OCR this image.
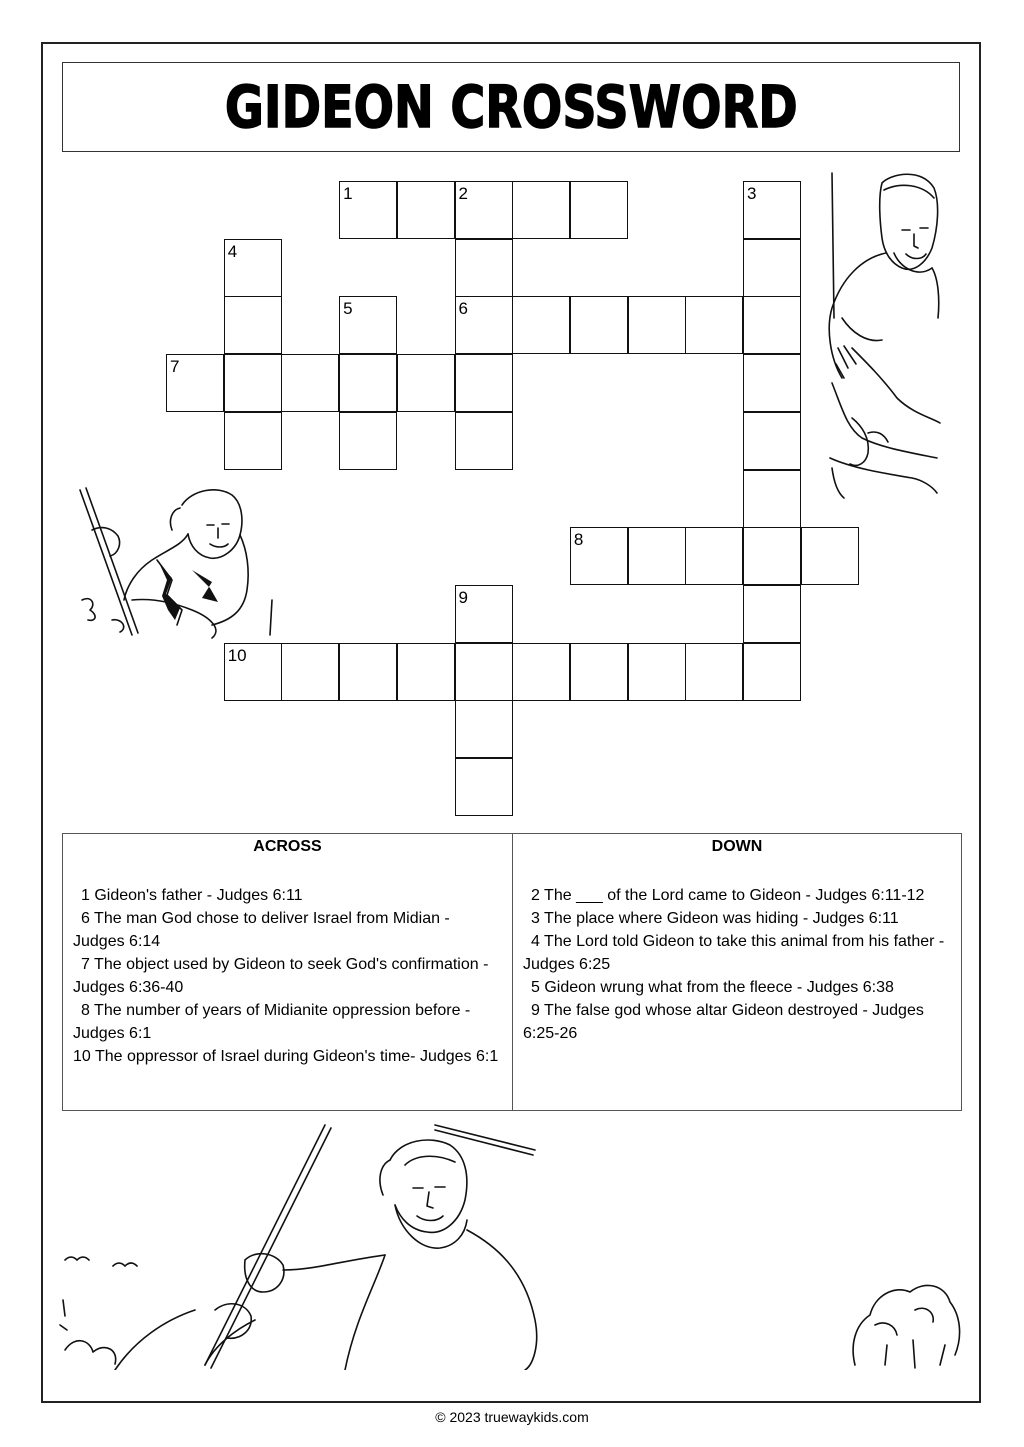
GIDEON CROSSWORD
1	2	3
4
5	6
7
8
9
10
ACROSS
1 Gideon's father - Judges 6:11
6 The man God chose to deliver Israel from Midian - Judges 6:14
7 The object used by Gideon to seek God's confirmation - Judges 6:36-40
8 The number of years of Midianite oppression before - Judges 6:1
10 The oppressor of Israel during Gideon's time- Judges 6:1
DOWN
2 The ___ of the Lord came to Gideon - Judges 6:11-12
3 The place where Gideon was hiding - Judges 6:11
4 The Lord told Gideon to take this animal from his father - Judges 6:25
5 Gideon wrung what from the fleece - Judges 6:38
9 The false god whose altar Gideon destroyed - Judges 6:25-26
© 2023 truewaykids.com
